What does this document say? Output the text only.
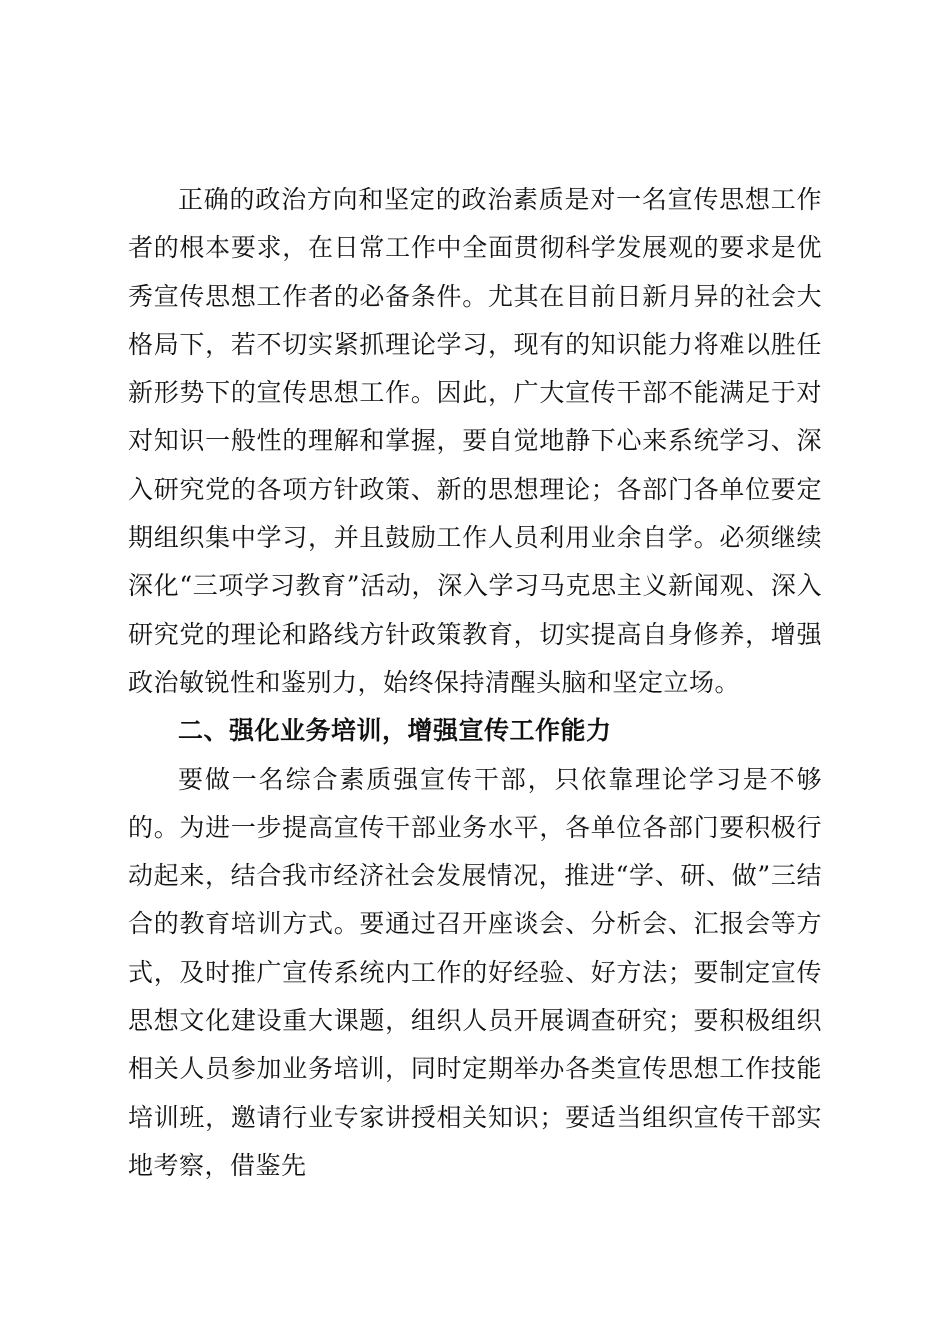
正确的政治方向和坚定的政治素质是对一名宣传思想工作者的根本要求，在日常工作中全面贯彻科学发展观的要求是优秀宣传思想工作者的必备条件。尤其在目前日新月异的社会大格局下，若不切实紧抓理论学习，现有的知识能力将难以胜任新形势下的宣传思想工作。因此，广大宣传干部不能满足于对对知识一般性的理解和掌握，要自觉地静下心来系统学习、深入研究党的各项方针政策、新的思想理论；各部门各单位要定期组织集中学习，并且鼓励工作人员利用业余自学。必须继续深化“三项学习教育”活动，深入学习马克思主义新闻观、深入研究党的理论和路线方针政策教育，切实提高自身修养，增强政治敏锐性和鉴别力，始终保持清醒头脑和坚定立场。

二、强化业务培训，增强宣传工作能力

要做一名综合素质强宣传干部，只依靠理论学习是不够的。为进一步提高宣传干部业务水平，各单位各部门要积极行动起来，结合我市经济社会发展情况，推进“学、研、做”三结合的教育培训方式。要通过召开座谈会、分析会、汇报会等方式，及时推广宣传系统内工作的好经验、好方法；要制定宣传思想文化建设重大课题，组织人员开展调查研究；要积极组织相关人员参加业务培训，同时定期举办各类宣传思想工作技能培训班，邀请行业专家讲授相关知识；要适当组织宣传干部实地考察，借鉴先
